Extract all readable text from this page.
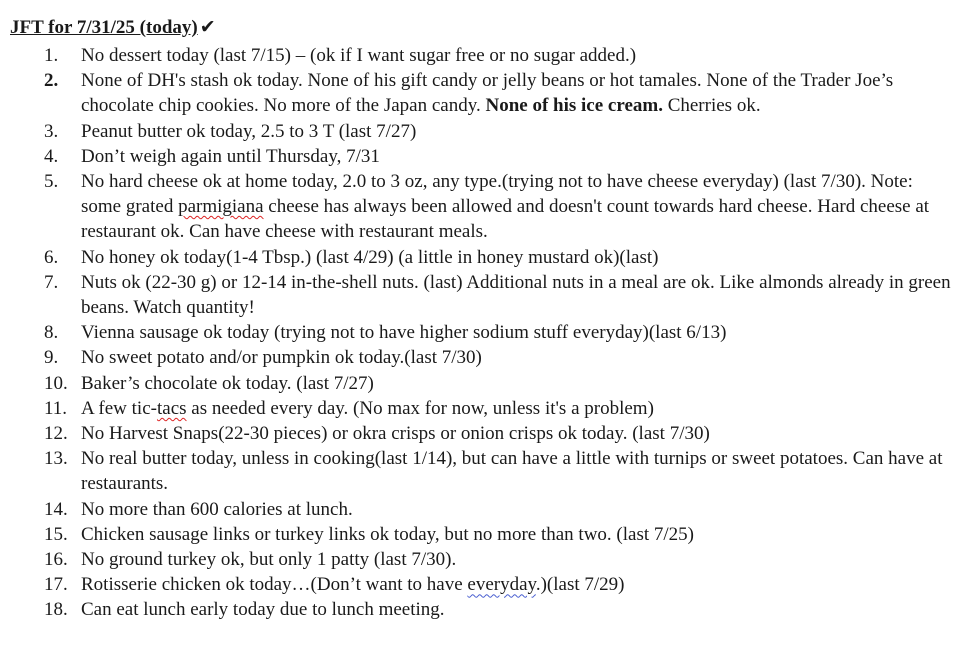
JFT for 7/31/25 (today) ✔
1.	No dessert today (last 7/15) – (ok if I want sugar free or no sugar added.)
2.	None of DH's stash ok today. None of his gift candy or jelly beans or hot tamales. None of the Trader Joe’s chocolate chip cookies. No more of the Japan candy. None of his ice cream. Cherries ok.
3.	Peanut butter ok today, 2.5 to 3 T (last 7/27)
4.	Don’t weigh again until Thursday, 7/31
5.	No hard cheese ok at home today, 2.0 to 3 oz, any type.(trying not to have cheese everyday) (last 7/30). Note: some grated parmigiana cheese has always been allowed and doesn't count towards hard cheese. Hard cheese at restaurant ok. Can have cheese with restaurant meals.
6.	No honey ok today(1-4 Tbsp.) (last 4/29) (a little in honey mustard ok)(last)
7.	Nuts ok (22-30 g) or 12-14 in-the-shell nuts. (last) Additional nuts in a meal are ok. Like almonds already in green beans. Watch quantity!
8.	Vienna sausage ok today (trying not to have higher sodium stuff everyday)(last 6/13)
9.	No sweet potato and/or pumpkin ok today.(last 7/30)
10. Baker’s chocolate ok today. (last 7/27)
11. A few tic-tacs as needed every day. (No max for now, unless it's a problem)
12. No Harvest Snaps(22-30 pieces) or okra crisps or onion crisps ok today. (last 7/30)
13. No real butter today, unless in cooking(last 1/14), but can have a little with turnips or sweet potatoes. Can have at restaurants.
14. No more than 600 calories at lunch.
15. Chicken sausage links or turkey links ok today, but no more than two. (last 7/25)
16. No ground turkey ok, but only 1 patty (last 7/30).
17. Rotisserie chicken ok today…(Don’t want to have everyday.)(last 7/29)
18. Can eat lunch early today due to lunch meeting.
